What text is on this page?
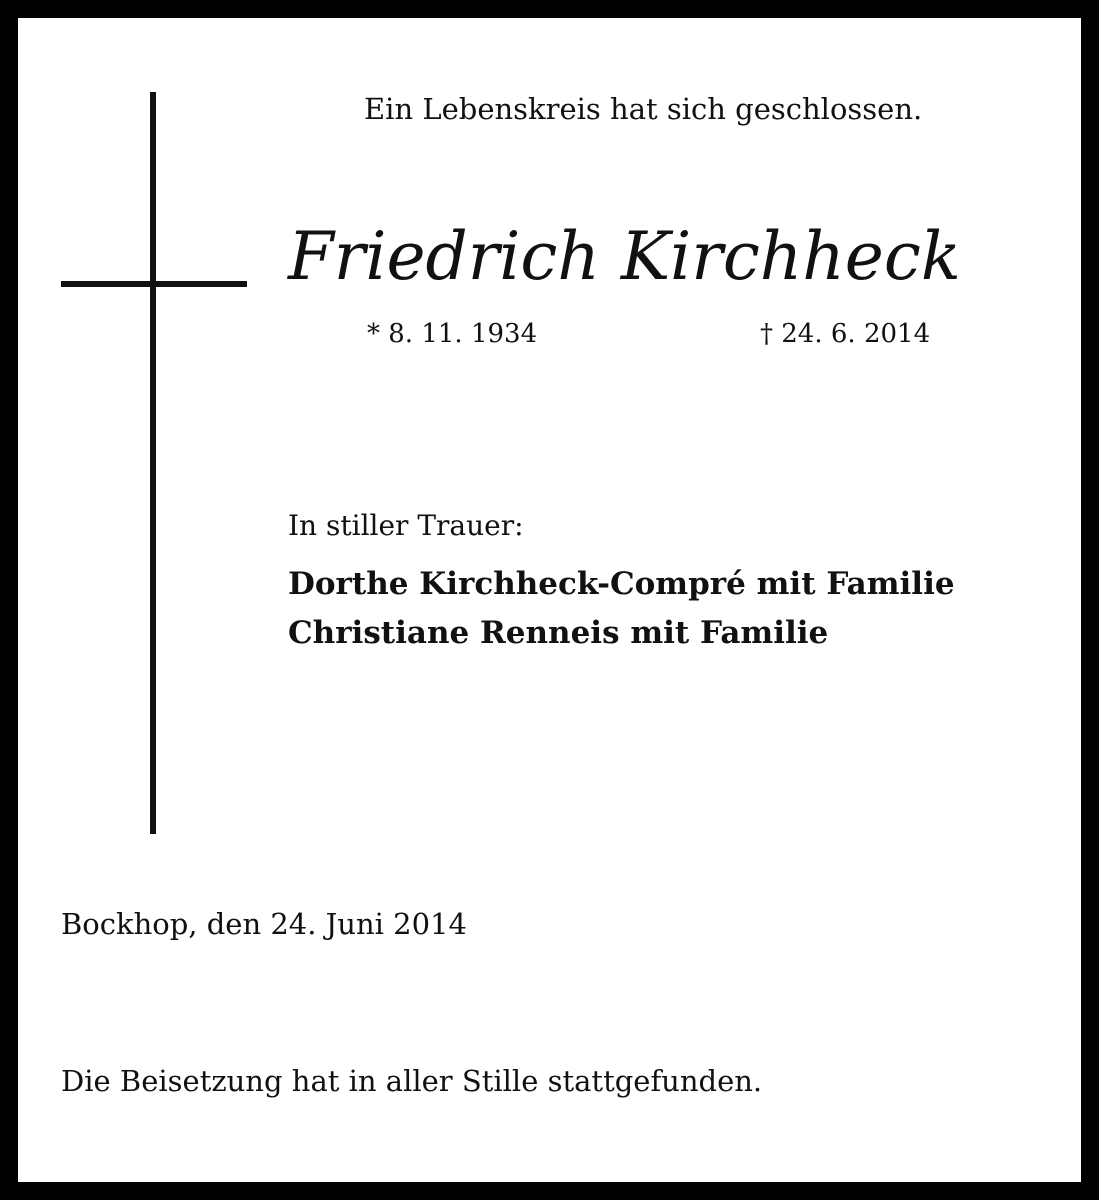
Ein Lebenskreis hat sich geschlossen.
Friedrich Kirchheck
* 8. 11. 1934	† 24. 6. 2014
In stiller Trauer:
Dorthe Kirchheck-Compré mit Familie
Christiane Renneis mit Familie
Bockhop, den 24. Juni 2014
Die Beisetzung hat in aller Stille stattgefunden.
